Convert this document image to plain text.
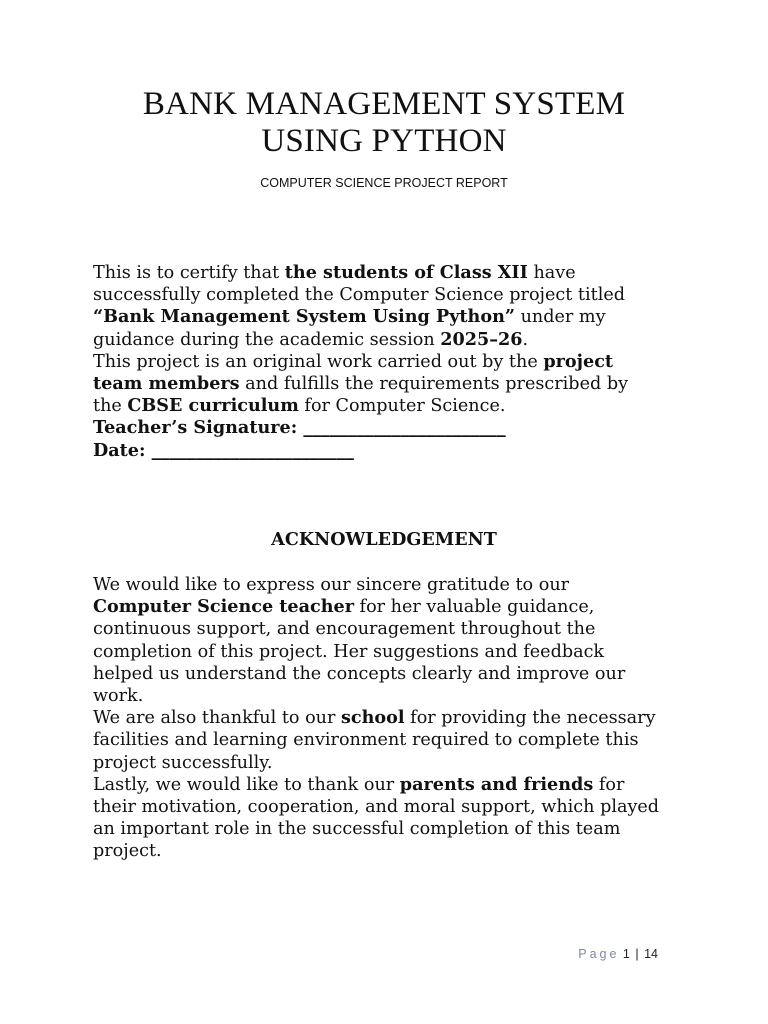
BANK MANAGEMENT SYSTEM
USING PYTHON

COMPUTER SCIENCE PROJECT REPORT

This is to certify that the students of Class XII have
successfully completed the Computer Science project titled
“Bank Management System Using Python” under my
guidance during the academic session 2025–26.
This project is an original work carried out by the project
team members and fulfills the requirements prescribed by
the CBSE curriculum for Computer Science.
Teacher’s Signature: _______________________
Date: _______________________
ACKNOWLEDGEMENT
We would like to express our sincere gratitude to our
Computer Science teacher for her valuable guidance,
continuous support, and encouragement throughout the
completion of this project. Her suggestions and feedback
helped us understand the concepts clearly and improve our
work.
We are also thankful to our school for providing the necessary
facilities and learning environment required to complete this
project successfully.
Lastly, we would like to thank our parents and friends for
their motivation, cooperation, and moral support, which played
an important role in the successful completion of this team
project.
Page 1 | 14
